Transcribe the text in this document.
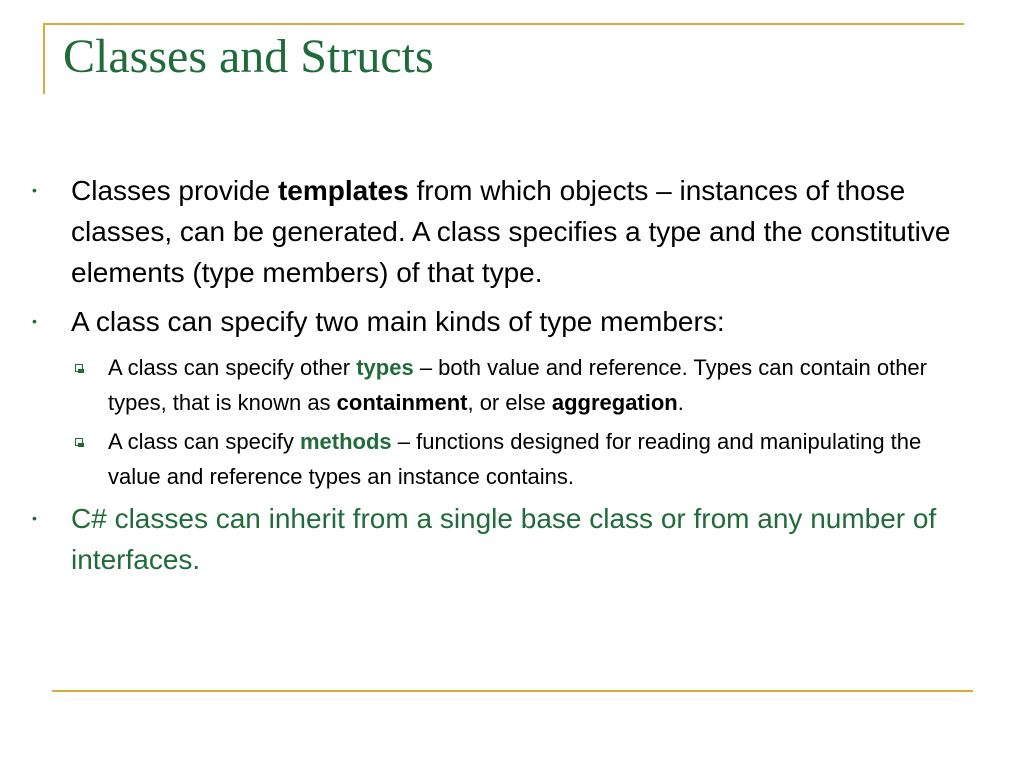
Classes and Structs
•	Classes provide templates from which objects – instances of those classes, can be generated. A class specifies a type and the constitutive elements (type members) of that type.
•	A class can specify two main kinds of type members:
A class can specify other types – both value and reference. Types can contain other types, that is known as containment, or else aggregation.
A class can specify methods – functions designed for reading and manipulating the value and reference types an instance contains.
•	C# classes can inherit from a single base class or from any number of interfaces.
